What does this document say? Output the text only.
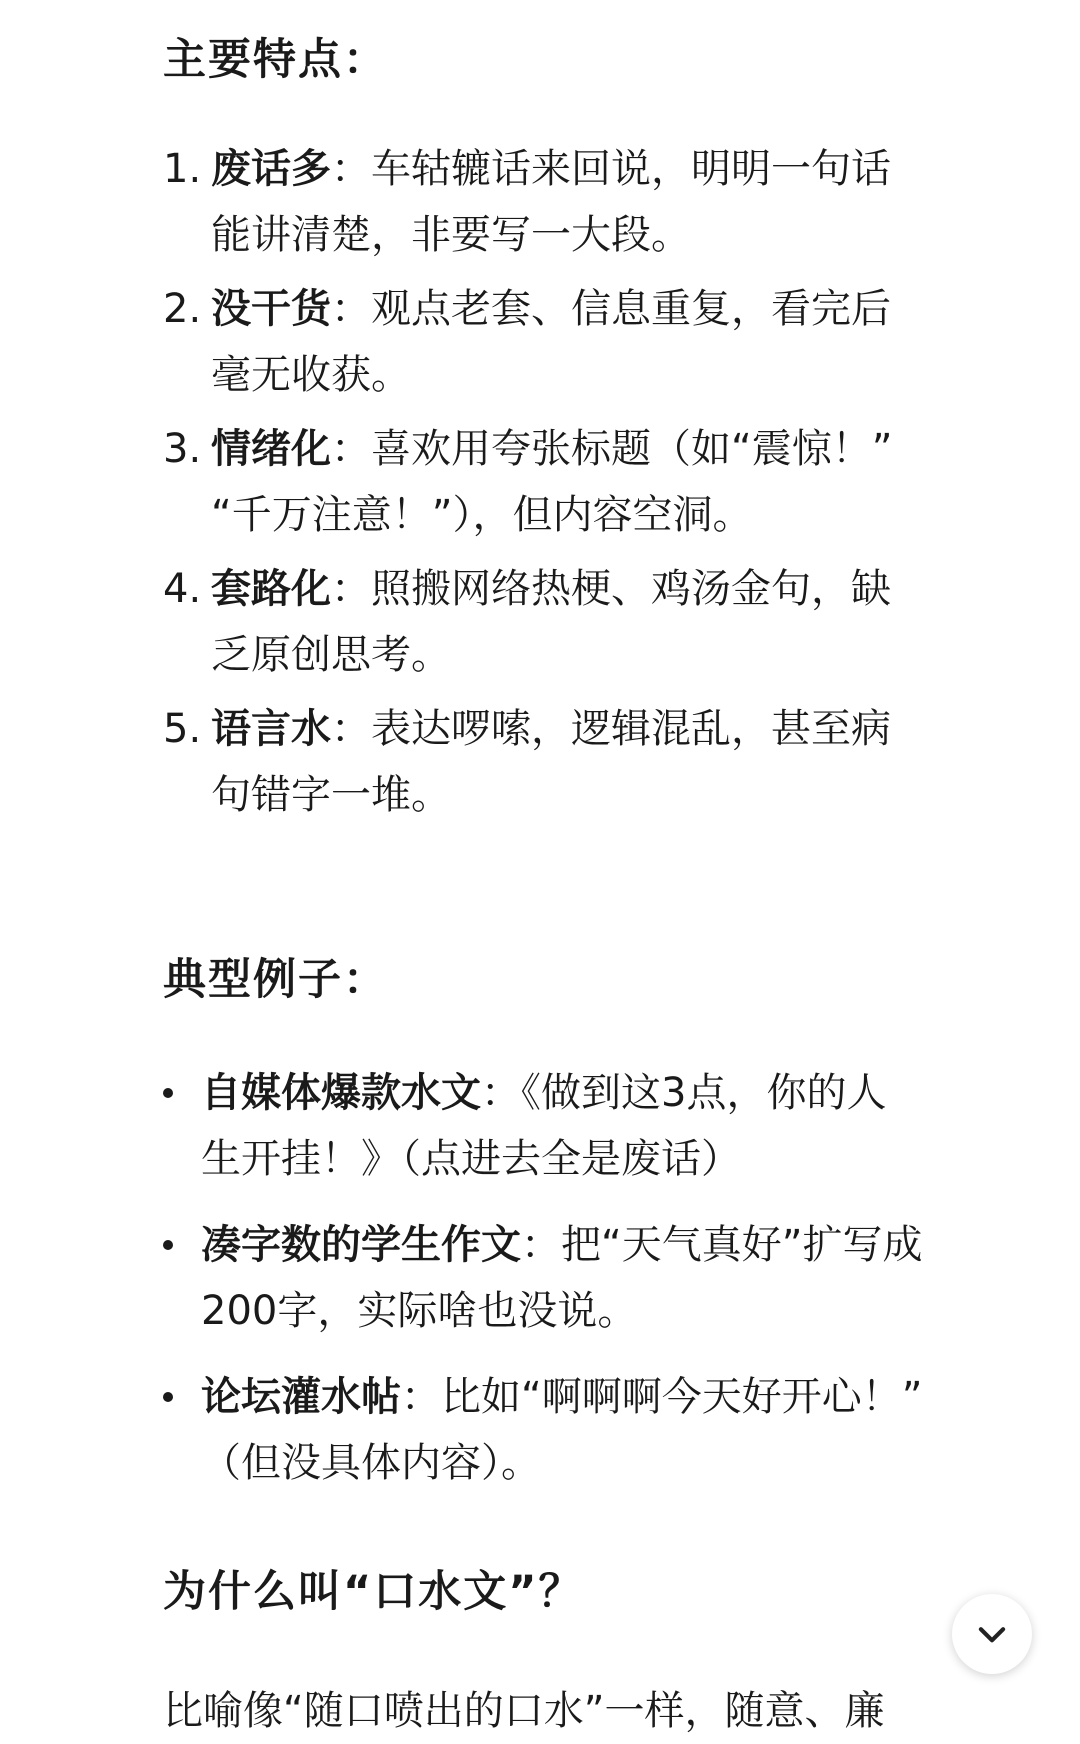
主要特点：
1. 废话多：车轱辘话来回说，明明一句话
能讲清楚，非要写一大段。
2. 没干货：观点老套、信息重复，看完后
毫无收获。
3. 情绪化：喜欢用夸张标题（如“震惊！”
“千万注意！”），但内容空洞。
4. 套路化：照搬网络热梗、鸡汤金句，缺
乏原创思考。
5. 语言水：表达啰嗦，逻辑混乱，甚至病
句错字一堆。
典型例子：
自媒体爆款水文：《做到这3点，你的人
生开挂！》（点进去全是废话）
凑字数的学生作文：把“天气真好”扩写成
200字，实际啥也没说。
论坛灌水帖：比如“啊啊啊今天好开心！”
（但没具体内容）。
为什么叫“口水文”？
比喻像“随口喷出的口水”一样，随意、廉
